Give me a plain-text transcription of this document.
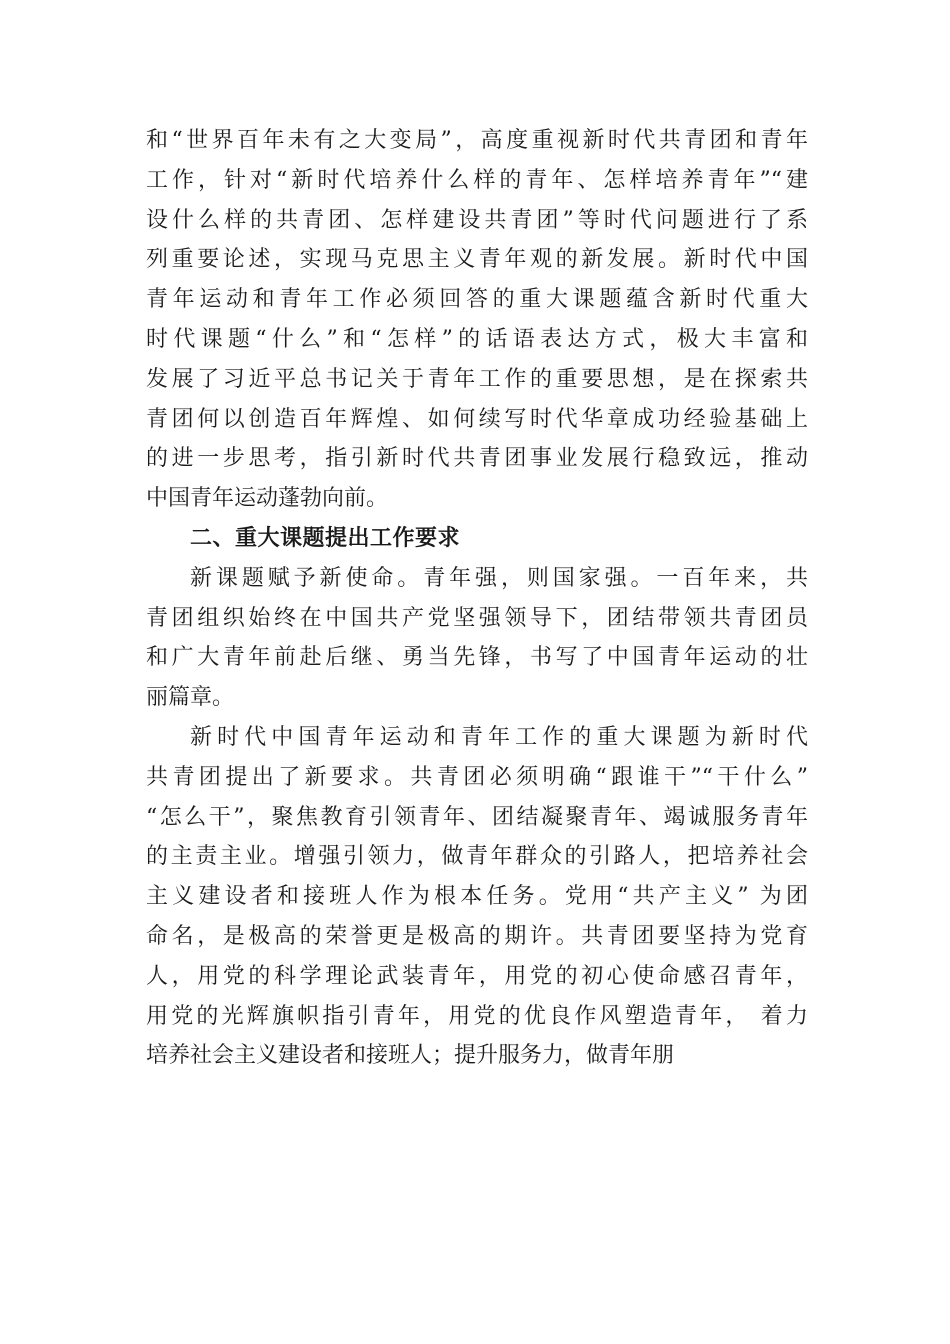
和“世界百年未有之大变局”，高度重视新时代共青团和青年
工作，针对“新时代培养什么样的青年、怎样培养青年”“建
设什么样的共青团、怎样建设共青团”等时代问题进行了系
列重要论述，实现马克思主义青年观的新发展。新时代中国
青年运动和青年工作必须回答的重大课题蕴含新时代重大
时代课题“什么”和“怎样”的话语表达方式，极大丰富和
发展了习近平总书记关于青年工作的重要思想，是在探索共
青团何以创造百年辉煌、如何续写时代华章成功经验基础上
的进一步思考，指引新时代共青团事业发展行稳致远，推动
中国青年运动蓬勃向前。
二、重大课题提出工作要求
新课题赋予新使命。青年强，则国家强。一百年来，共
青团组织始终在中国共产党坚强领导下，团结带领共青团员
和广大青年前赴后继、勇当先锋，书写了中国青年运动的壮
丽篇章。
新时代中国青年运动和青年工作的重大课题为新时代
共青团提出了新要求。共青团必须明确“跟谁干”“干什么”
“怎么干”，聚焦教育引领青年、团结凝聚青年、竭诚服务青年
的主责主业。增强引领力，做青年群众的引路人，把培养社会
主义建设者和接班人作为根本任务。党用“共产主义” 为团
命名，是极高的荣誉更是极高的期许。共青团要坚持为党育
人，用党的科学理论武装青年，用党的初心使命感召青年，
用党的光辉旗帜指引青年，用党的优良作风塑造青年， 着力
培养社会主义建设者和接班人；提升服务力，做青年朋
